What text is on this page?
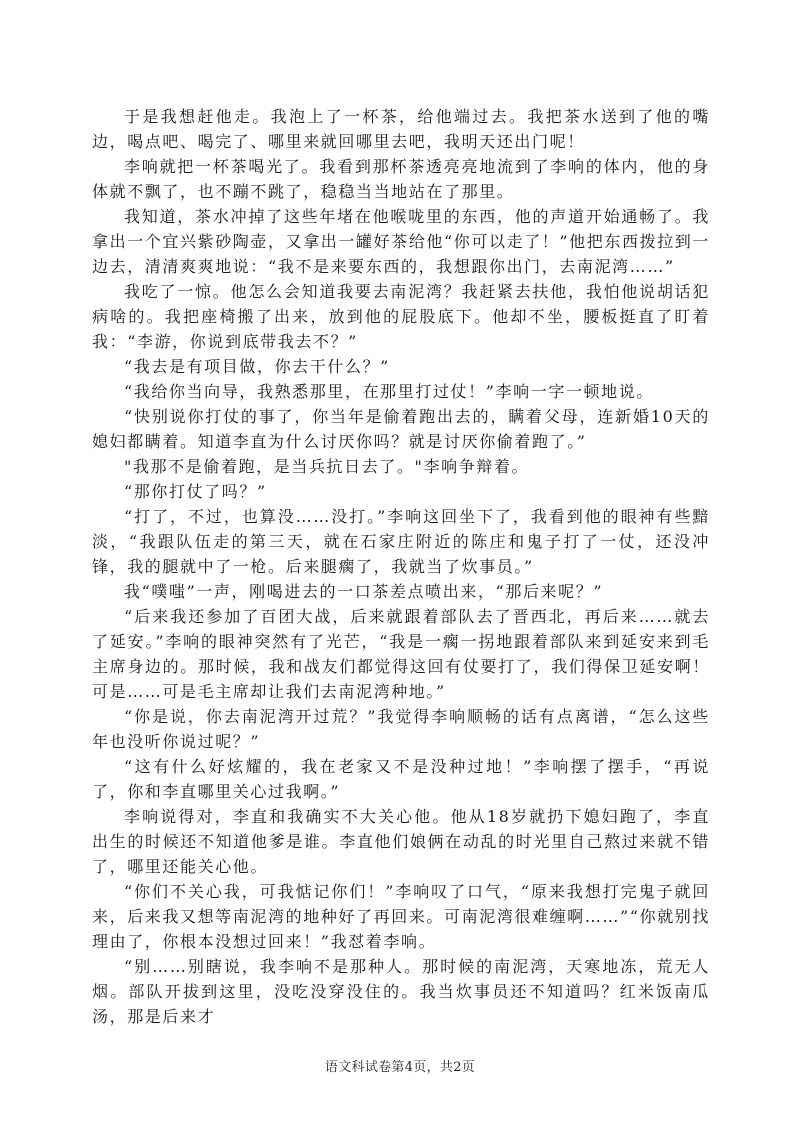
于是我想赶他走。我泡上了一杯茶，给他端过去。我把茶水送到了他的嘴边，喝点吧、喝完了、哪里来就回哪里去吧，我明天还出门呢！

李响就把一杯茶喝光了。我看到那杯茶透亮亮地流到了李响的体内，他的身体就不飘了，也不蹦不跳了，稳稳当当地站在了那里。

我知道，茶水冲掉了这些年堵在他喉咙里的东西，他的声道开始通畅了。我拿出一个宜兴紫砂陶壶，又拿出一罐好茶给他“你可以走了！”他把东西拨拉到一边去，清清爽爽地说：“我不是来要东西的，我想跟你出门，去南泥湾……”

我吃了一惊。他怎么会知道我要去南泥湾？我赶紧去扶他，我怕他说胡话犯病啥的。我把座椅搬了出来，放到他的屁股底下。他却不坐，腰板挺直了盯着我：“李游，你说到底带我去不？”

“我去是有项目做，你去干什么？”

“我给你当向导，我熟悉那里，在那里打过仗！”李响一字一顿地说。

“快别说你打仗的事了，你当年是偷着跑出去的，瞒着父母，连新婚10天的媳妇都瞒着。知道李直为什么讨厌你吗？就是讨厌你偷着跑了。”

"我那不是偷着跑，是当兵抗日去了。"李响争辩着。

“那你打仗了吗？”

“打了，不过，也算没……没打。”李响这回坐下了，我看到他的眼神有些黯淡，“我跟队伍走的第三天，就在石家庄附近的陈庄和鬼子打了一仗，还没冲锋，我的腿就中了一枪。后来腿瘸了，我就当了炊事员。”

我“噗嗤”一声，刚喝进去的一口茶差点喷出来，“那后来呢？”

“后来我还参加了百团大战，后来就跟着部队去了晋西北，再后来……就去了延安。”李响的眼神突然有了光芒，“我是一瘸一拐地跟着部队来到延安来到毛主席身边的。那时候，我和战友们都觉得这回有仗要打了，我们得保卫延安啊！可是……可是毛主席却让我们去南泥湾种地。”

“你是说，你去南泥湾开过荒？”我觉得李响顺畅的话有点离谱，“怎么这些年也没听你说过呢？”

“这有什么好炫耀的，我在老家又不是没种过地！”李响摆了摆手，“再说了，你和李直哪里关心过我啊。”

李响说得对，李直和我确实不大关心他。他从18岁就扔下媳妇跑了，李直出生的时候还不知道他爹是谁。李直他们娘俩在动乱的时光里自己熬过来就不错了，哪里还能关心他。

“你们不关心我，可我惦记你们！”李响叹了口气，“原来我想打完鬼子就回来，后来我又想等南泥湾的地种好了再回来。可南泥湾很难缠啊……”“你就别找理由了，你根本没想过回来！”我怼着李响。

“别……别瞎说，我李响不是那种人。那时候的南泥湾，天寒地冻，荒无人烟。部队开拔到这里，没吃没穿没住的。我当炊事员还不知道吗？红米饭南瓜汤，那是后来才

语文科试卷第4页，共2页
